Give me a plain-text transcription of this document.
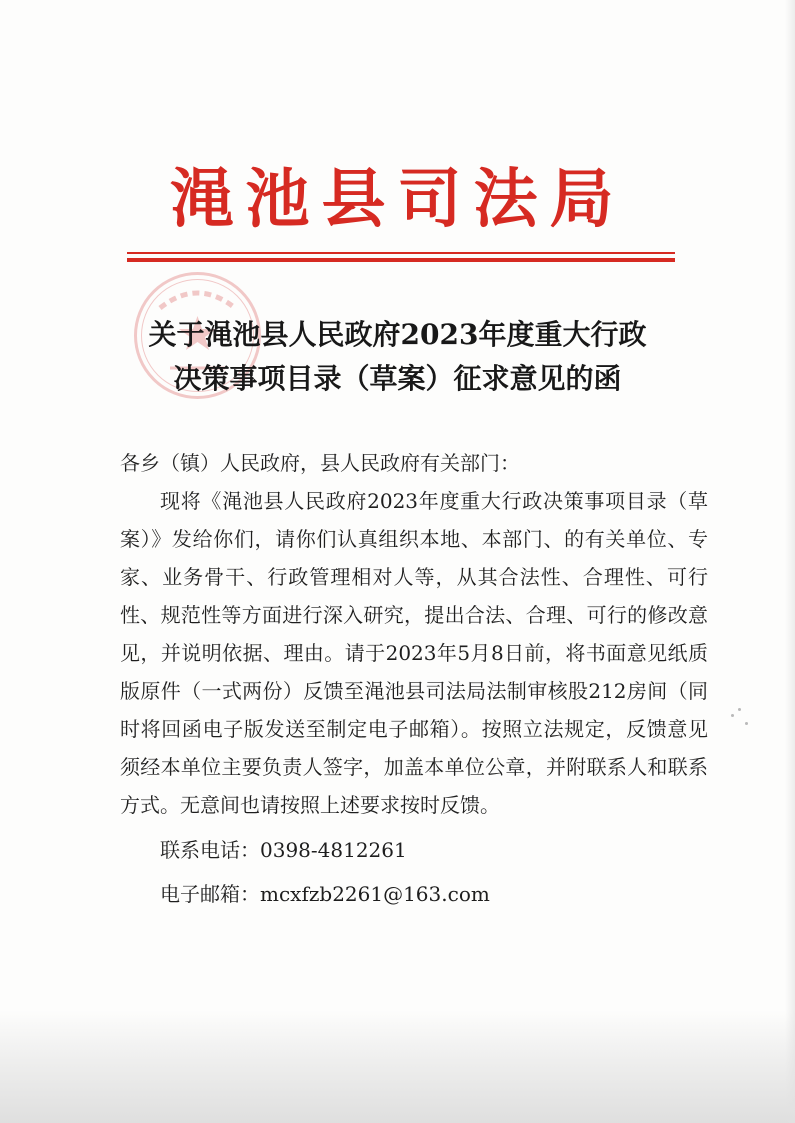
渑池县司法局
关于渑池县人民政府2023年度重大行政
决策事项目录（草案）征求意见的函

各乡（镇）人民政府，县人民政府有关部门：

现将《渑池县人民政府2023年度重大行政决策事项目录（草案）》发给你们，请你们认真组织本地、本部门、的有关单位、专家、业务骨干、行政管理相对人等，从其合法性、合理性、可行性、规范性等方面进行深入研究，提出合法、合理、可行的修改意见，并说明依据、理由。请于2023年5月8日前，将书面意见纸质版原件（一式两份）反馈至渑池县司法局法制审核股212房间（同时将回函电子版发送至制定电子邮箱）。按照立法规定，反馈意见须经本单位主要负责人签字，加盖本单位公章，并附联系人和联系方式。无意间也请按照上述要求按时反馈。

联系电话：0398-4812261

电子邮箱：mcxfzb2261@163.com
